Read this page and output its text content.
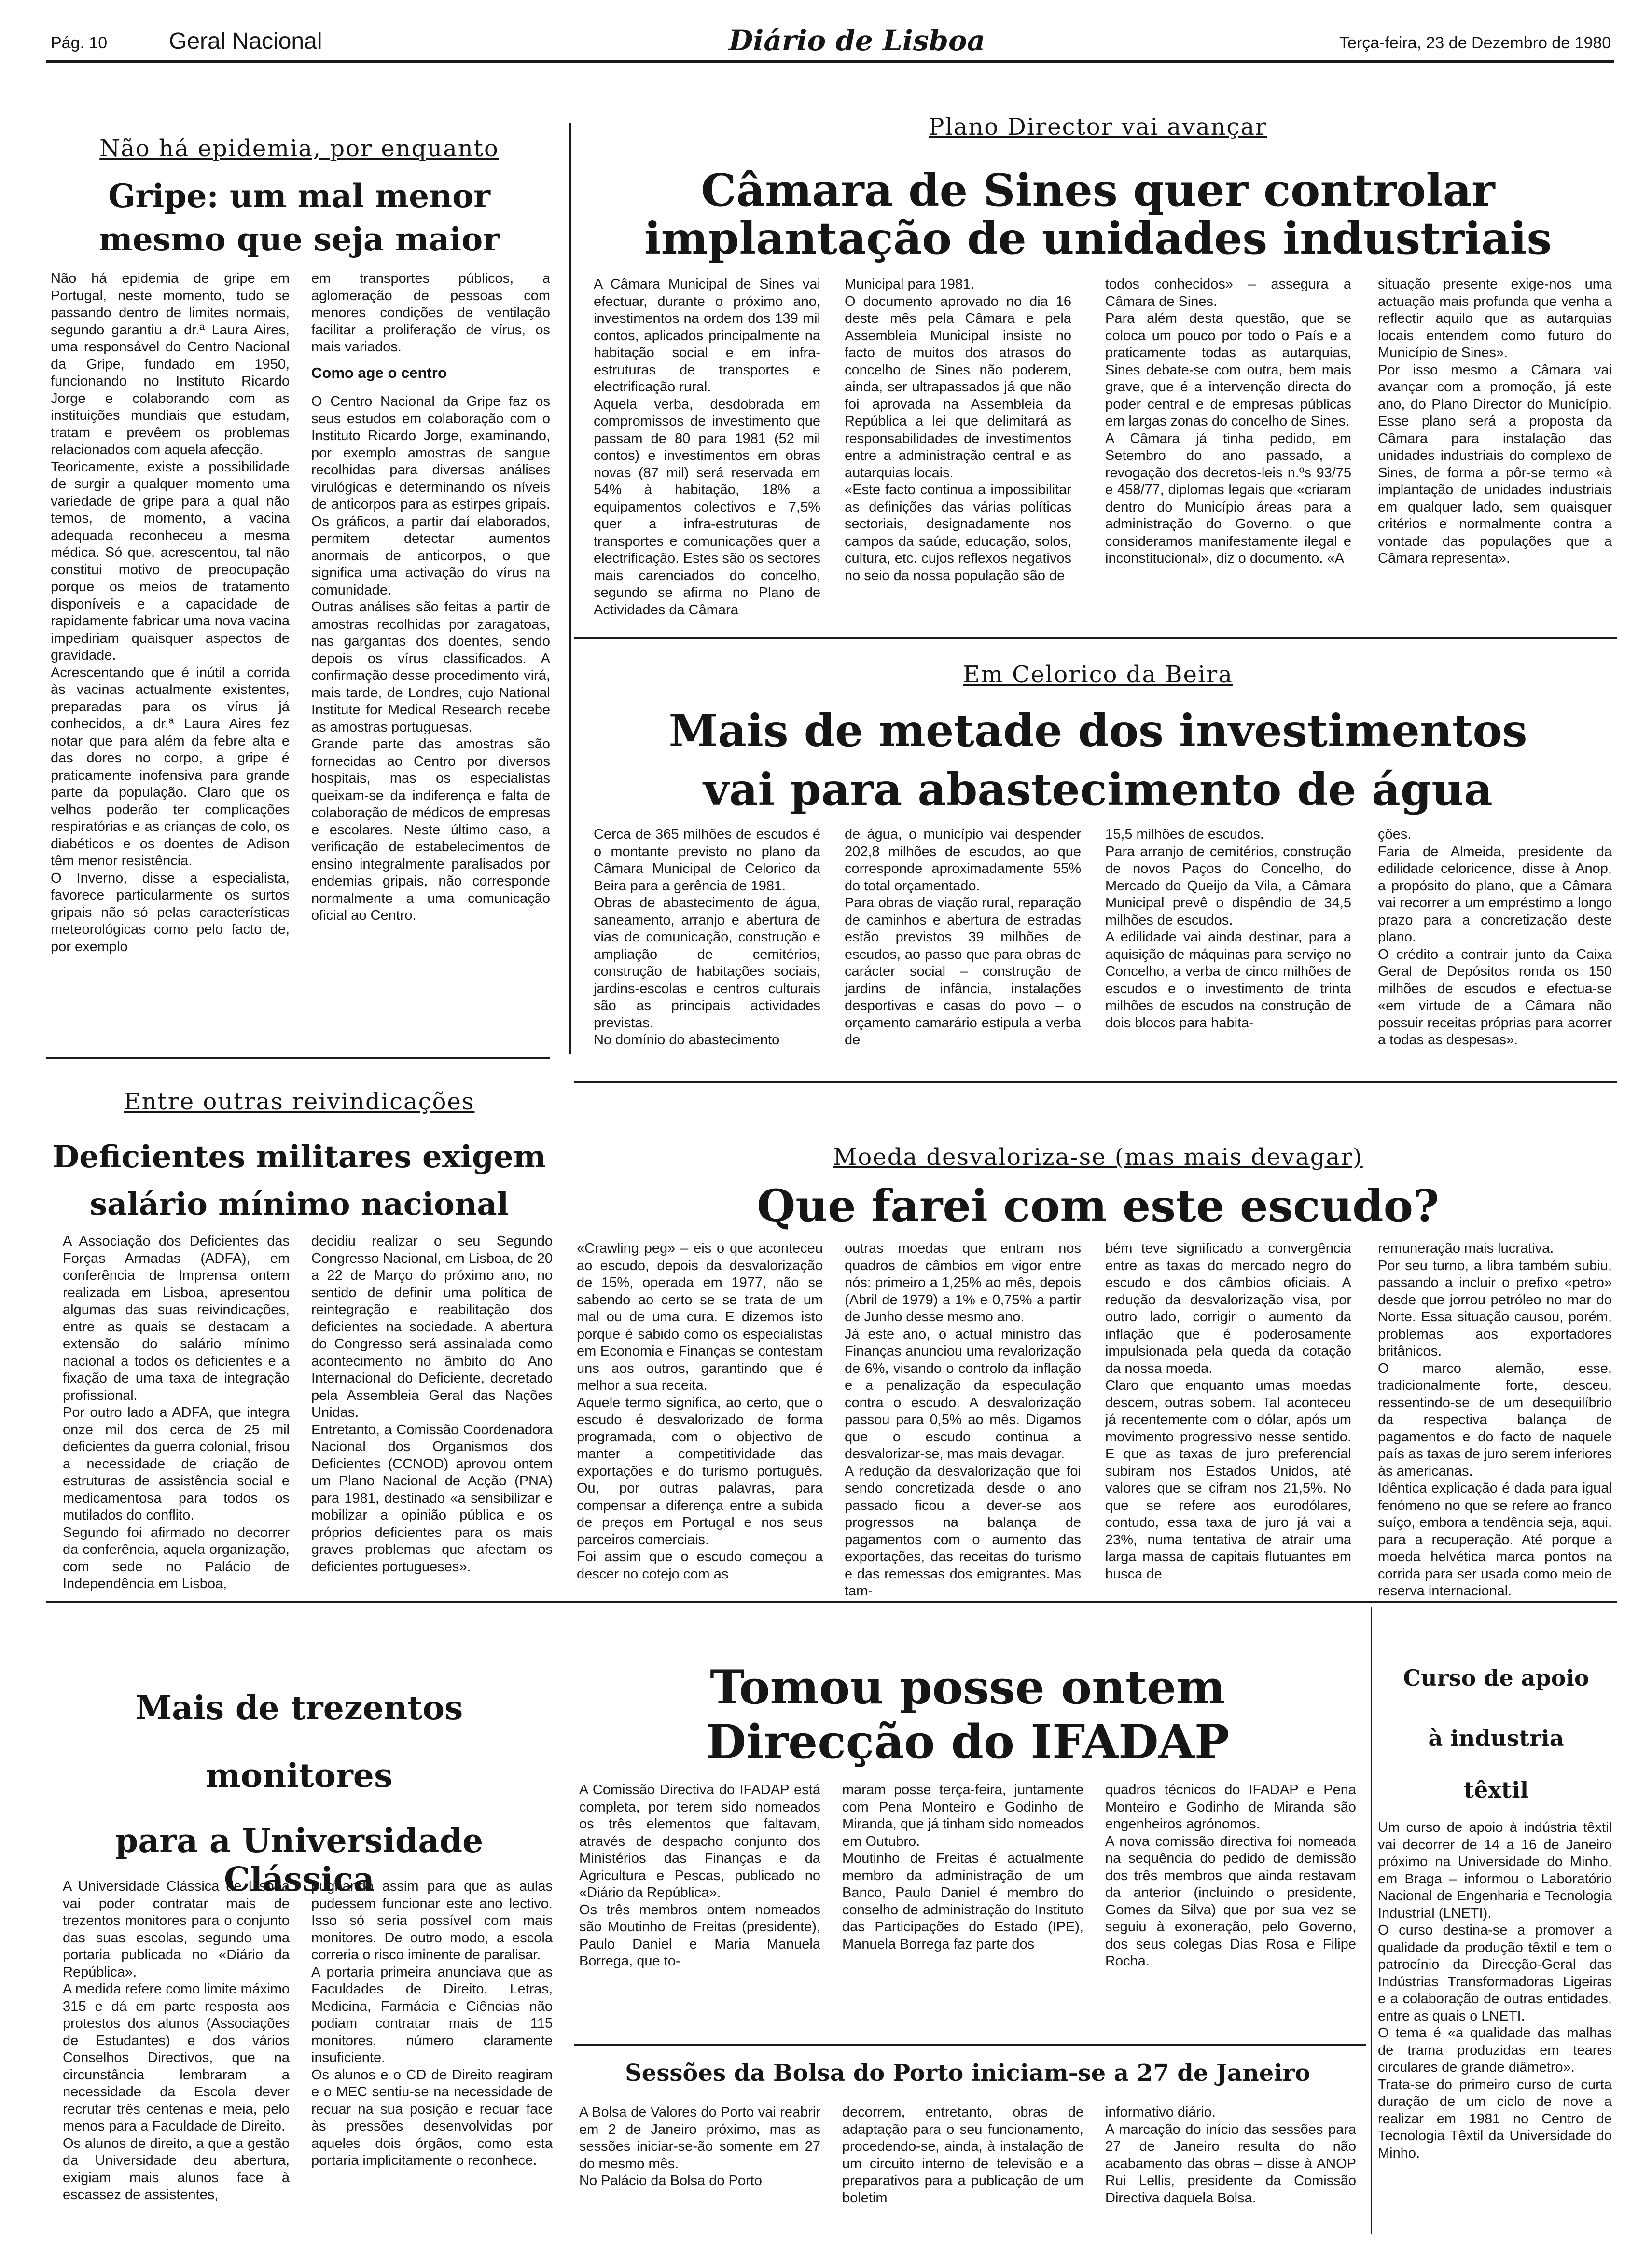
Pág. 10	Geral Nacional	Diário de Lisboa	Terça-feira, 23 de Dezembro de 1980
Não há epidemia, por enquanto
Gripe: um mal menor
mesmo que seja maior
Não há epidemia de gripe em Portugal, neste momento, tudo se passando dentro de limites normais, segundo garantiu a dr.ª Laura Aires, uma responsável do Centro Nacional da Gripe, fundado em 1950, funcionando no Instituto Ricardo Jorge e colaborando com as instituições mundiais que estudam, tratam e prevêem os problemas relacionados com aquela afecção.
Teoricamente, existe a possibilidade de surgir a qualquer momento uma variedade de gripe para a qual não temos, de momento, a vacina adequada reconheceu a mesma médica. Só que, acrescentou, tal não constitui motivo de preocupação porque os meios de tratamento disponíveis e a capacidade de rapidamente fabricar uma nova vacina impediriam quaisquer aspectos de gravidade.
Acrescentando que é inútil a corrida às vacinas actualmente existentes, preparadas para os vírus já conhecidos, a dr.ª Laura Aires fez notar que para além da febre alta e das dores no corpo, a gripe é praticamente inofensiva para grande parte da população. Claro que os velhos poderão ter complicações respiratórias e as crianças de colo, os diabéticos e os doentes de Adison têm menor resistência.
O Inverno, disse a especialista, favorece particularmente os surtos gripais não só pelas características meteorológicas como pelo facto de, por exemplo
em transportes públicos, a aglomeração de pessoas com menores condições de ventilação facilitar a proliferação de vírus, os mais variados.
Como age o centro
O Centro Nacional da Gripe faz os seus estudos em colaboração com o Instituto Ricardo Jorge, examinando, por exemplo amostras de sangue recolhidas para diversas análises virulógicas e determinando os níveis de anticorpos para as estirpes gripais. Os gráficos, a partir daí elaborados, permitem detectar aumentos anormais de anticorpos, o que significa uma activação do vírus na comunidade.
Outras análises são feitas a partir de amostras recolhidas por zaragatoas, nas gargantas dos doentes, sendo depois os vírus classificados. A confirmação desse procedimento virá, mais tarde, de Londres, cujo National Institute for Medical Research recebe as amostras portuguesas.
Grande parte das amostras são fornecidas ao Centro por diversos hospitais, mas os especialistas queixam-se da indiferença e falta de colaboração de médicos de empresas e escolares. Neste último caso, a verificação de estabelecimentos de ensino integralmente paralisados por endemias gripais, não corresponde normalmente a uma comunicação oficial ao Centro.
Plano Director vai avançar
Câmara de Sines quer controlar
implantação de unidades industriais
A Câmara Municipal de Sines vai efectuar, durante o próximo ano, investimentos na ordem dos 139 mil contos, aplicados principalmente na habitação social e em infra-estruturas de transportes e electrificação rural.
Aquela verba, desdobrada em compromissos de investimento que passam de 80 para 1981 (52 mil contos) e investimentos em obras novas (87 mil) será reservada em 54% à habitação, 18% a equipamentos colectivos e 7,5% quer a infra-estruturas de transportes e comunicações quer a electrificação. Estes são os sectores mais carenciados do concelho, segundo se afirma no Plano de Actividades da Câmara
Municipal para 1981.
O documento aprovado no dia 16 deste mês pela Câmara e pela Assembleia Municipal insiste no facto de muitos dos atrasos do concelho de Sines não poderem, ainda, ser ultrapassados já que não foi aprovada na Assembleia da República a lei que delimitará as responsabilidades de investimentos entre a administração central e as autarquias locais.
«Este facto continua a impossibilitar as definições das várias políticas sectoriais, designadamente nos campos da saúde, educação, solos, cultura, etc. cujos reflexos negativos no seio da nossa população são de
todos conhecidos» – assegura a Câmara de Sines.
Para além desta questão, que se coloca um pouco por todo o País e a praticamente todas as autarquias, Sines debate-se com outra, bem mais grave, que é a intervenção directa do poder central e de empresas públicas em largas zonas do concelho de Sines.
A Câmara já tinha pedido, em Setembro do ano passado, a revogação dos decretos-leis n.ºs 93/75 e 458/77, diplomas legais que «criaram dentro do Município áreas para a administração do Governo, o que consideramos manifestamente ilegal e inconstitucional», diz o documento. «A
situação presente exige-nos uma actuação mais profunda que venha a reflectir aquilo que as autarquias locais entendem como futuro do Município de Sines».
Por isso mesmo a Câmara vai avançar com a promoção, já este ano, do Plano Director do Município. Esse plano será a proposta da Câmara para instalação das unidades industriais do complexo de Sines, de forma a pôr-se termo «à implantação de unidades industriais em qualquer lado, sem quaisquer critérios e normalmente contra a vontade das populações que a Câmara representa».
Em Celorico da Beira
Mais de metade dos investimentos
vai para abastecimento de água
Cerca de 365 milhões de escudos é o montante previsto no plano da Câmara Municipal de Celorico da Beira para a gerência de 1981.
Obras de abastecimento de água, saneamento, arranjo e abertura de vias de comunicação, construção e ampliação de cemitérios, construção de habitações sociais, jardins-escolas e centros culturais são as principais actividades previstas.
No domínio do abastecimento
de água, o município vai despender 202,8 milhões de escudos, ao que corresponde aproximadamente 55% do total orçamentado.
Para obras de viação rural, reparação de caminhos e abertura de estradas estão previstos 39 milhões de escudos, ao passo que para obras de carácter social – construção de jardins de infância, instalações desportivas e casas do povo – o orçamento camarário estipula a verba de
15,5 milhões de escudos.
Para arranjo de cemitérios, construção de novos Paços do Concelho, do Mercado do Queijo da Vila, a Câmara Municipal prevê o dispêndio de 34,5 milhões de escudos.
A edilidade vai ainda destinar, para a aquisição de máquinas para serviço no Concelho, a verba de cinco milhões de escudos e o investimento de trinta milhões de escudos na construção de dois blocos para habita-
ções.
Faria de Almeida, presidente da edilidade celoricence, disse à Anop, a propósito do plano, que a Câmara vai recorrer a um empréstimo a longo prazo para a concretização deste plano.
O crédito a contrair junto da Caixa Geral de Depósitos ronda os 150 milhões de escudos e efectua-se «em virtude de a Câmara não possuir receitas próprias para acorrer a todas as despesas».
Entre outras reivindicações
Deficientes militares exigem
salário mínimo nacional
A Associação dos Deficientes das Forças Armadas (ADFA), em conferência de Imprensa ontem realizada em Lisboa, apresentou algumas das suas reivindicações, entre as quais se destacam a extensão do salário mínimo nacional a todos os deficientes e a fixação de uma taxa de integração profissional.
Por outro lado a ADFA, que integra onze mil dos cerca de 25 mil deficientes da guerra colonial, frisou a necessidade de criação de estruturas de assistência social e medicamentosa para todos os mutilados do conflito.
Segundo foi afirmado no decorrer da conferência, aquela organização, com sede no Palácio de Independência em Lisboa,
decidiu realizar o seu Segundo Congresso Nacional, em Lisboa, de 20 a 22 de Março do próximo ano, no sentido de definir uma política de reintegração e reabilitação dos deficientes na sociedade. A abertura do Congresso será assinalada como acontecimento no âmbito do Ano Internacional do Deficiente, decretado pela Assembleia Geral das Nações Unidas.
Entretanto, a Comissão Coordenadora Nacional dos Organismos dos Deficientes (CCNOD) aprovou ontem um Plano Nacional de Acção (PNA) para 1981, destinado «a sensibilizar e mobilizar a opinião pública e os próprios deficientes para os mais graves problemas que afectam os deficientes portugueses».
Moeda desvaloriza-se (mas mais devagar)
Que farei com este escudo?
«Crawling peg» – eis o que aconteceu ao escudo, depois da desvalorização de 15%, operada em 1977, não se sabendo ao certo se se trata de um mal ou de uma cura. E dizemos isto porque é sabido como os especialistas em Economia e Finanças se contestam uns aos outros, garantindo que é melhor a sua receita.
Aquele termo significa, ao certo, que o escudo é desvalorizado de forma programada, com o objectivo de manter a competitividade das exportações e do turismo português. Ou, por outras palavras, para compensar a diferença entre a subida de preços em Portugal e nos seus parceiros comerciais.
Foi assim que o escudo começou a descer no cotejo com as
outras moedas que entram nos quadros de câmbios em vigor entre nós: primeiro a 1,25% ao mês, depois (Abril de 1979) a 1% e 0,75% a partir de Junho desse mesmo ano.
Já este ano, o actual ministro das Finanças anunciou uma revalorização de 6%, visando o controlo da inflação e a penalização da especulação contra o escudo. A desvalorização passou para 0,5% ao mês. Digamos que o escudo continua a desvalorizar-se, mas mais devagar.
A redução da desvalorização que foi sendo concretizada desde o ano passado ficou a dever-se aos progressos na balança de pagamentos com o aumento das exportações, das receitas do turismo e das remessas dos emigrantes. Mas tam-
bém teve significado a convergência entre as taxas do mercado negro do escudo e dos câmbios oficiais. A redução da desvalorização visa, por outro lado, corrigir o aumento da inflação que é poderosamente impulsionada pela queda da cotação da nossa moeda.
Claro que enquanto umas moedas descem, outras sobem. Tal aconteceu já recentemente com o dólar, após um movimento progressivo nesse sentido. E que as taxas de juro preferencial subiram nos Estados Unidos, até valores que se cifram nos 21,5%. No que se refere aos eurodólares, contudo, essa taxa de juro já vai a 23%, numa tentativa de atrair uma larga massa de capitais flutuantes em busca de
remuneração mais lucrativa.
Por seu turno, a libra também subiu, passando a incluir o prefixo «petro» desde que jorrou petróleo no mar do Norte. Essa situação causou, porém, problemas aos exportadores britânicos.
O marco alemão, esse, tradicionalmente forte, desceu, ressentindo-se de um desequilíbrio da respectiva balança de pagamentos e do facto de naquele país as taxas de juro serem inferiores às americanas.
Idêntica explicação é dada para igual fenómeno no que se refere ao franco suíço, embora a tendência seja, aqui, para a recuperação. Até porque a moeda helvética marca pontos na corrida para ser usada como meio de reserva internacional.
Mais de trezentos
monitores
para a Universidade Clássica
A Universidade Clássica de Lisboa vai poder contratar mais de trezentos monitores para o conjunto das suas escolas, segundo uma portaria publicada no «Diário da República».
A medida refere como limite máximo 315 e dá em parte resposta aos protestos dos alunos (Associações de Estudantes) e dos vários Conselhos Directivos, que na circunstância lembraram a necessidade da Escola dever recrutar três centenas e meia, pelo menos para a Faculdade de Direito.
Os alunos de direito, a que a gestão da Universidade deu abertura, exigiam mais alunos face à escassez de assistentes,
pugnando assim para que as aulas pudessem funcionar este ano lectivo. Isso só seria possível com mais monitores. De outro modo, a escola correria o risco iminente de paralisar.
A portaria primeira anunciava que as Faculdades de Direito, Letras, Medicina, Farmácia e Ciências não podiam contratar mais de 115 monitores, número claramente insuficiente.
Os alunos e o CD de Direito reagiram e o MEC sentiu-se na necessidade de recuar na sua posição e recuar face às pressões desenvolvidas por aqueles dois órgãos, como esta portaria implicitamente o reconhece.
Tomou posse ontem
Direcção do IFADAP
A Comissão Directiva do IFADAP está completa, por terem sido nomeados os três elementos que faltavam, através de despacho conjunto dos Ministérios das Finanças e da Agricultura e Pescas, publicado no «Diário da República».
Os três membros ontem nomeados são Moutinho de Freitas (presidente), Paulo Daniel e Maria Manuela Borrega, que to-
maram posse terça-feira, juntamente com Pena Monteiro e Godinho de Miranda, que já tinham sido nomeados em Outubro.
Moutinho de Freitas é actualmente membro da administração de um Banco, Paulo Daniel é membro do conselho de administração do Instituto das Participações do Estado (IPE), Manuela Borrega faz parte dos
quadros técnicos do IFADAP e Pena Monteiro e Godinho de Miranda são engenheiros agrónomos.
A nova comissão directiva foi nomeada na sequência do pedido de demissão dos três membros que ainda restavam da anterior (incluindo o presidente, Gomes da Silva) que por sua vez se seguiu à exoneração, pelo Governo, dos seus colegas Dias Rosa e Filipe Rocha.
Curso de apoio
à industria
têxtil
Um curso de apoio à indústria têxtil vai decorrer de 14 a 16 de Janeiro próximo na Universidade do Minho, em Braga – informou o Laboratório Nacional de Engenharia e Tecnologia Industrial (LNETI).
O curso destina-se a promover a qualidade da produção têxtil e tem o patrocínio da Direcção-Geral das Indústrias Transformadoras Ligeiras e a colaboração de outras entidades, entre as quais o LNETI.
O tema é «a qualidade das malhas de trama produzidas em teares circulares de grande diâmetro».
Trata-se do primeiro curso de curta duração de um ciclo de nove a realizar em 1981 no Centro de Tecnologia Têxtil da Universidade do Minho.
Sessões da Bolsa do Porto iniciam-se a 27 de Janeiro
A Bolsa de Valores do Porto vai reabrir em 2 de Janeiro próximo, mas as sessões iniciar-se-ão somente em 27 do mesmo mês.
No Palácio da Bolsa do Porto
decorrem, entretanto, obras de adaptação para o seu funcionamento, procedendo-se, ainda, à instalação de um circuito interno de televisão e a preparativos para a publicação de um boletim
informativo diário.
A marcação do início das sessões para 27 de Janeiro resulta do não acabamento das obras – disse à ANOP Rui Lellis, presidente da Comissão Directiva daquela Bolsa.
